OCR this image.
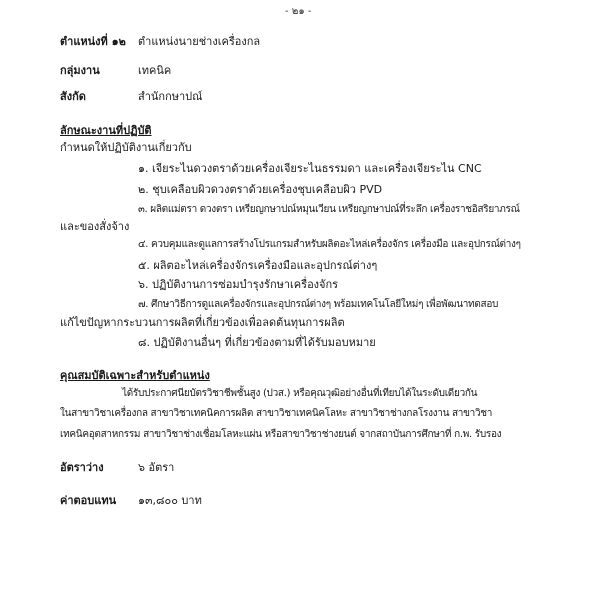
- ๒๑ -
ตำแหน่งที่ ๑๒ ตำแหน่งนายช่างเครื่องกล
กลุ่มงาน	เทคนิค
สังกัด	สำนักกษาปณ์
ลักษณะงานที่ปฏิบัติ
กำหนดให้ปฏิบัติงานเกี่ยวกับ
๑. เจียระไนดวงตราด้วยเครื่องเจียระไนธรรมดา และเครื่องเจียระไน CNC
๒. ชุบเคลือบผิวดวงตราด้วยเครื่องชุบเคลือบผิว PVD
๓. ผลิตแม่ตรา ดวงตรา เหรียญกษาปณ์หมุนเวียน เหรียญกษาปณ์ที่ระลึก เครื่องราชอิสริยาภรณ์
และของสั่งจ้าง
๔. ควบคุมและดูแลการสร้างโปรแกรมสำหรับผลิตอะไหล่เครื่องจักร เครื่องมือ และอุปกรณ์ต่างๆ
๕. ผลิตอะไหล่เครื่องจักรเครื่องมือและอุปกรณ์ต่างๆ
๖. ปฏิบัติงานการซ่อมบำรุงรักษาเครื่องจักร
๗. ศึกษาวิธีการดูแลเครื่องจักรและอุปกรณ์ต่างๆ พร้อมเทคโนโลยีใหม่ๆ เพื่อพัฒนาทดสอบ
แก้ไขปัญหากระบวนการผลิตที่เกี่ยวข้องเพื่อลดต้นทุนการผลิต
๘. ปฏิบัติงานอื่นๆ ที่เกี่ยวข้องตามที่ได้รับมอบหมาย
คุณสมบัติเฉพาะสำหรับตำแหน่ง
ได้รับประกาศนียบัตรวิชาชีพชั้นสูง (ปวส.) หรือคุณวุฒิอย่างอื่นที่เทียบได้ในระดับเดียวกัน
ในสาขาวิชาเครื่องกล สาขาวิชาเทคนิคการผลิต สาขาวิชาเทคนิคโลหะ สาขาวิชาช่างกลโรงงาน สาขาวิชา
เทคนิคอุตสาหกรรม สาขาวิชาช่างเชื่อมโลหะแผ่น หรือสาขาวิชาช่างยนต์ จากสถาบันการศึกษาที่ ก.พ. รับรอง
อัตราว่าง	๖ อัตรา
ค่าตอบแทน ๑๓,๘๐๐ บาท
